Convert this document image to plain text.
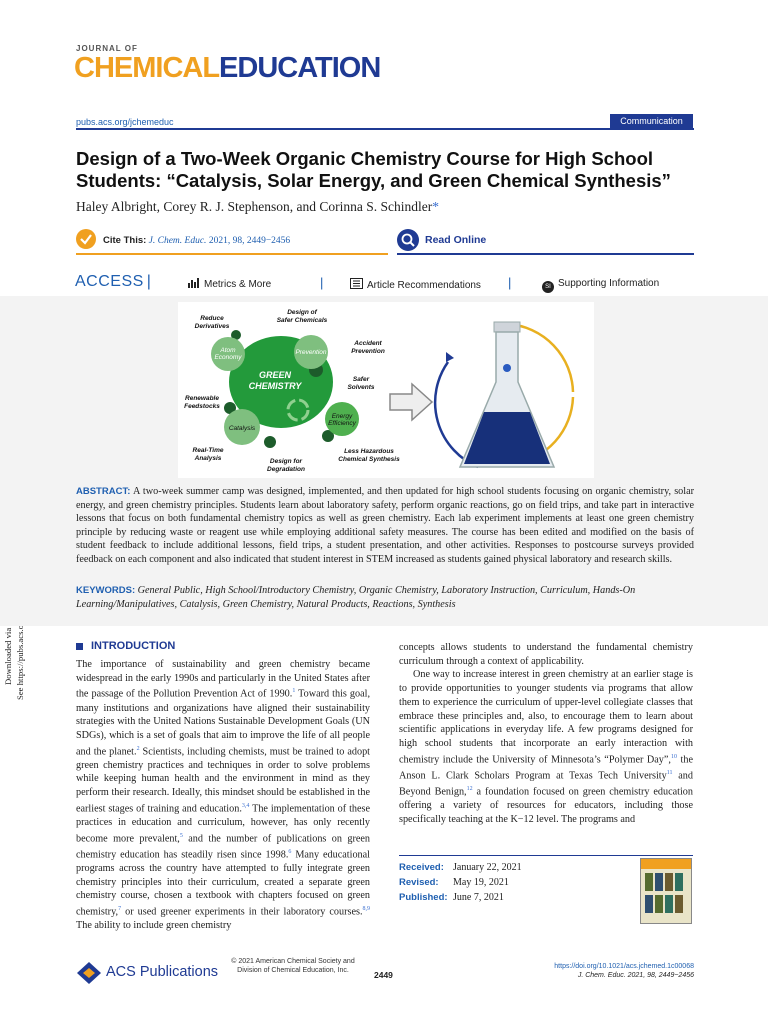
JOURNAL OF
CHEMICALEDUCATION
pubs.acs.org/jchemeduc	Communication
Design of a Two-Week Organic Chemistry Course for High School Students: “Catalysis, Solar Energy, and Green Chemical Synthesis”
Haley Albright, Corey R. J. Stephenson, and Corinna S. Schindler*
Cite This: J. Chem. Educ. 2021, 98, 2449−2456	Read Online
ACCESS |	Metrics & More	|	Article Recommendations |	SI Supporting Information
GREEN
CHEMISTRY
Atom Economy
Prevention
Energy Efficiency
Catalysis
Reduce Derivatives
Design of Safer Chemicals
Accident Prevention
Safer Solvents
Renewable Feedstocks
Real-Time Analysis	Design for Degradation
Less Hazardous Chemical Synthesis
ABSTRACT: A two-week summer camp was designed, implemented, and then updated for high school students focusing on organic chemistry, solar energy, and green chemistry principles. Students learn about laboratory safety, perform organic reactions, go on field trips, and take part in interactive lessons that focus on both fundamental chemistry topics as well as green chemistry. Each lab experiment implements at least one green chemistry principle by reducing waste or reagent use while employing additional safety measures. The course has been edited and modified on the basis of student feedback to include additional lessons, field trips, a student presentation, and other activities. Responses to postcourse surveys provided feedback on each component and also indicated that student interest in STEM increased as students gained physical laboratory and research skills.
KEYWORDS: General Public, High School/Introductory Chemistry, Organic Chemistry, Laboratory Instruction, Curriculum, Hands-On Learning/Manipulatives, Catalysis, Green Chemistry, Natural Products, Reactions, Synthesis
INTRODUCTION

The importance of sustainability and green chemistry became widespread in the early 1990s and particularly in the United States after the passage of the Pollution Prevention Act of 1990.$^1$ Toward this goal, many institutions and organizations have aligned their sustainability strategies with the United Nations Sustainable Development Goals (UN SDGs), which is a set of goals that aim to improve the life of all people and the planet.$^2$ Scientists, including chemists, must be trained to adopt green chemistry practices and techniques in order to solve problems while keeping human health and the environment in mind as they perform their research. Ideally, this mindset should be established in the earliest stages of training and education.$^{3,4}$ The implementation of these practices in education and curriculum, however, has only recently become more prevalent,$^5$ and the number of publications on green chemistry education has steadily risen since 1998.$^6$ Many educational programs across the country have attempted to fully integrate green chemistry principles into their curriculum, created a separate green chemistry course, chosen a textbook with chapters focused on green chemistry,$^7$ or used greener experiments in their laboratory courses.$^{8,9}$ The ability to include green chemistry

concepts allows students to understand the fundamental chemistry curriculum through a context of applicability.

One way to increase interest in green chemistry at an earlier stage is to provide opportunities to younger students via programs that allow them to experience the curriculum of upper-level collegiate classes that embrace these principles and, also, to encourage them to learn about scientific applications in everyday life. A few programs designed for high school students that incorporate an early interaction with chemistry include the University of Minnesota’s “Polymer Day”,$^{10}$ the Anson L. Clark Scholars Program at Texas Tech University$^{11}$ and Beyond Benign,$^{12}$ a foundation focused on green chemistry education offering a variety of resources for educators, including those specifically teaching at the K−12 level. The programs and

Received: January 22, 2021
Revised: May 19, 2021
Published: June 7, 2021
ACS Publications
© 2021 American Chemical Society and Division of Chemical Education, Inc.	2449
https://doi.org/10.1021/acs.jchemed.1c00068
J. Chem. Educ. 2021, 98, 2449−2456
